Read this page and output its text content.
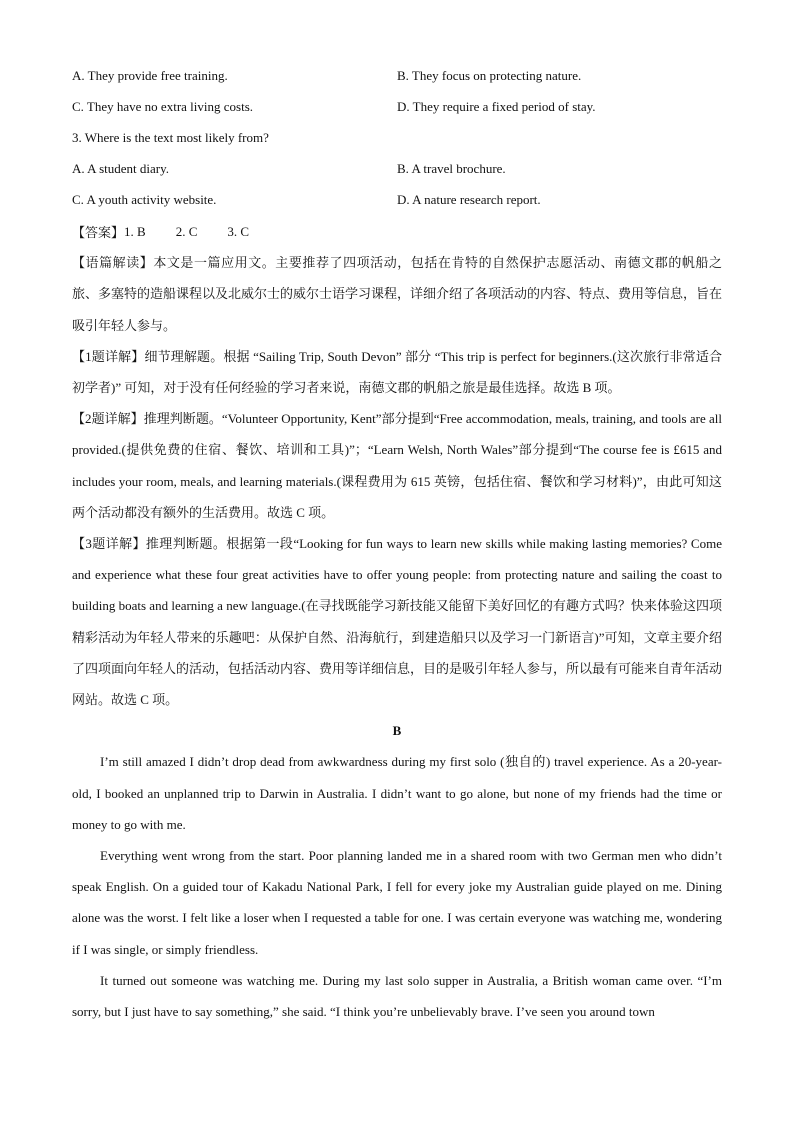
A. They provide free training.	B. They focus on protecting nature.
C. They have no extra living costs.	D. They require a fixed period of stay.
3. Where is the text most likely from?
A. A student diary.	B. A travel brochure.
C. A youth activity website.	D. A nature research report.
【答案】 1. B 2. C 3. C

【语篇解读】本文是一篇应用文。主要推荐了四项活动，包括在肯特的自然保护志愿活动、南德文郡的帆船之旅、多塞特的造船课程以及北威尔士的威尔士语学习课程，详细介绍了各项活动的内容、特点、费用等信息，旨在吸引年轻人参与。

【1题详解】细节理解题。根据 “Sailing Trip, South Devon” 部分 “This trip is perfect for beginners.(这次旅行非常适合初学者)” 可知，对于没有任何经验的学习者来说，南德文郡的帆船之旅是最佳选择。故选 B 项。

【2题详解】推理判断题。“Volunteer Opportunity, Kent”部分提到“Free accommodation, meals, training, and tools are all provided.(提供免费的住宿、餐饮、培训和工具)”；“Learn Welsh, North Wales”部分提到“The course fee is £615 and includes your room, meals, and learning materials.(课程费用为 615 英镑，包括住宿、餐饮和学习材料)”，由此可知这两个活动都没有额外的生活费用。故选 C 项。

【3题详解】推理判断题。根据第一段“Looking for fun ways to learn new skills while making lasting memories? Come and experience what these four great activities have to offer young people: from protecting nature and sailing the coast to building boats and learning a new language.(在寻找既能学习新技能又能留下美好回忆的有趣方式吗？快来体验这四项精彩活动为年轻人带来的乐趣吧：从保护自然、沿海航行，到建造船只以及学习一门新语言)”可知，文章主要介绍了四项面向年轻人的活动，包括活动内容、费用等详细信息，目的是吸引年轻人参与，所以最有可能来自青年活动网站。故选 C 项。

B

I’m still amazed I didn’t drop dead from awkwardness during my first solo (独自的) travel experience. As a 20-year-old, I booked an unplanned trip to Darwin in Australia. I didn’t want to go alone, but none of my friends had the time or money to go with me.

Everything went wrong from the start. Poor planning landed me in a shared room with two German men who didn’t speak English. On a guided tour of Kakadu National Park, I fell for every joke my Australian guide played on me. Dining alone was the worst. I felt like a loser when I requested a table for one. I was certain everyone was watching me, wondering if I was single, or simply friendless.

It turned out someone was watching me. During my last solo supper in Australia, a British woman came over. “I’m sorry, but I just have to say something,” she said. “I think you’re unbelievably brave. I’ve seen you around town
